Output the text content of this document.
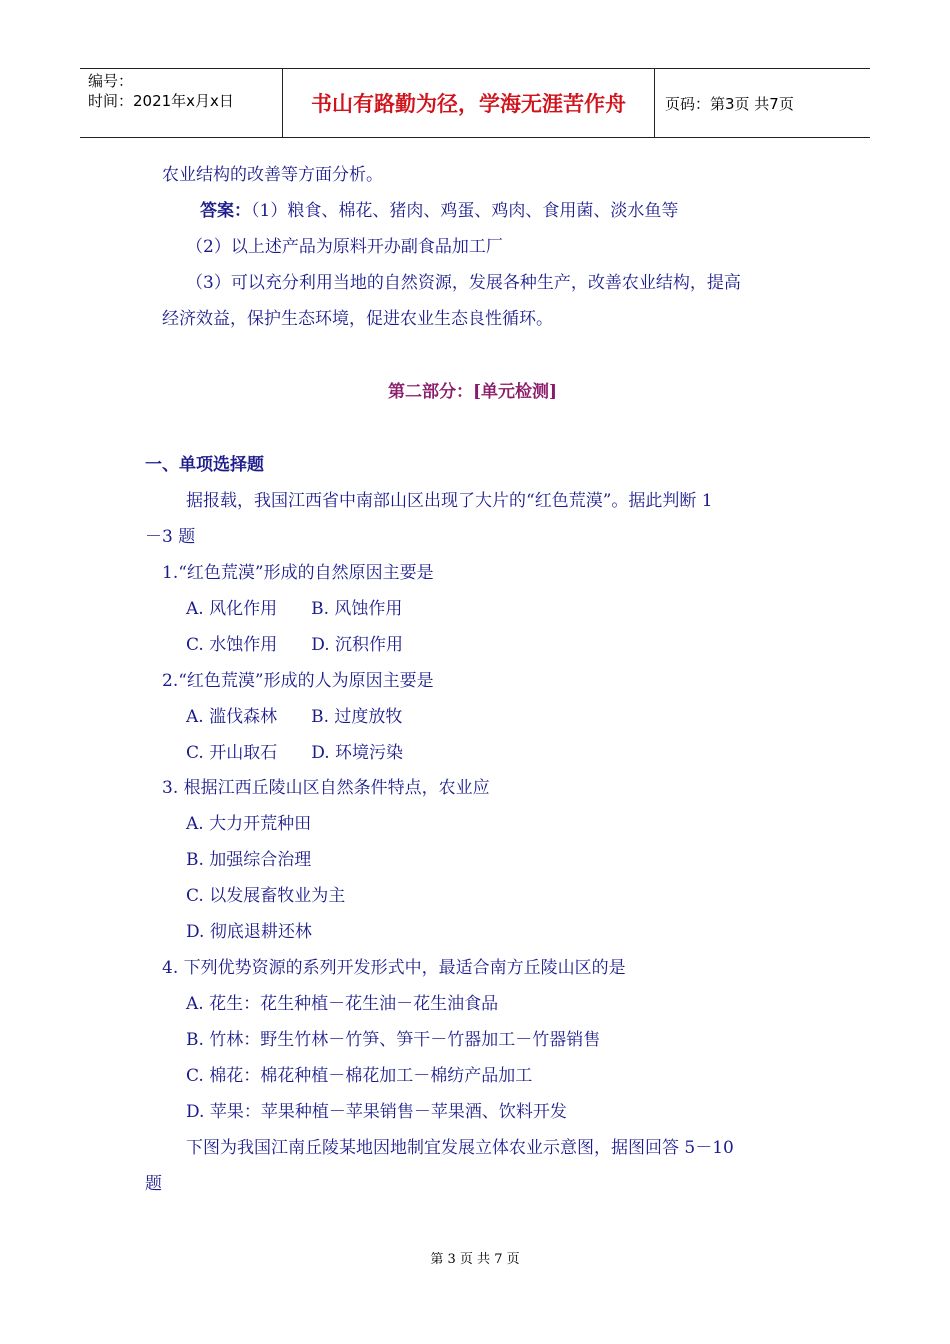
编号：
时间：2021年x月x日	书山有路勤为径，学海无涯苦作舟	页码：第3页 共7页
农业结构的改善等方面分析。
答案：（1）粮食、棉花、猪肉、鸡蛋、鸡肉、食用菌、淡水鱼等
（2）以上述产品为原料开办副食品加工厂
（3）可以充分利用当地的自然资源，发展各种生产，改善农业结构，提高
经济效益，保护生态环境，促进农业生态良性循环。
第二部分：[单元检测]
一、单项选择题
据报载，我国江西省中南部山区出现了大片的“红色荒漠”。据此判断 1
－3 题
1.“红色荒漠”形成的自然原因主要是
A. 风化作用　　B. 风蚀作用
C. 水蚀作用　　D. 沉积作用
2.“红色荒漠”形成的人为原因主要是
A. 滥伐森林　　B. 过度放牧
C. 开山取石　　D. 环境污染
3. 根据江西丘陵山区自然条件特点，农业应
A. 大力开荒种田
B. 加强综合治理
C. 以发展畜牧业为主
D. 彻底退耕还林
4. 下列优势资源的系列开发形式中，最适合南方丘陵山区的是
A. 花生：花生种植－花生油－花生油食品
B. 竹林：野生竹林－竹笋、笋干－竹器加工－竹器销售
C. 棉花：棉花种植－棉花加工－棉纺产品加工
D. 苹果：苹果种植－苹果销售－苹果酒、饮料开发
下图为我国江南丘陵某地因地制宜发展立体农业示意图，据图回答 5－10
题
第 3 页 共 7 页
